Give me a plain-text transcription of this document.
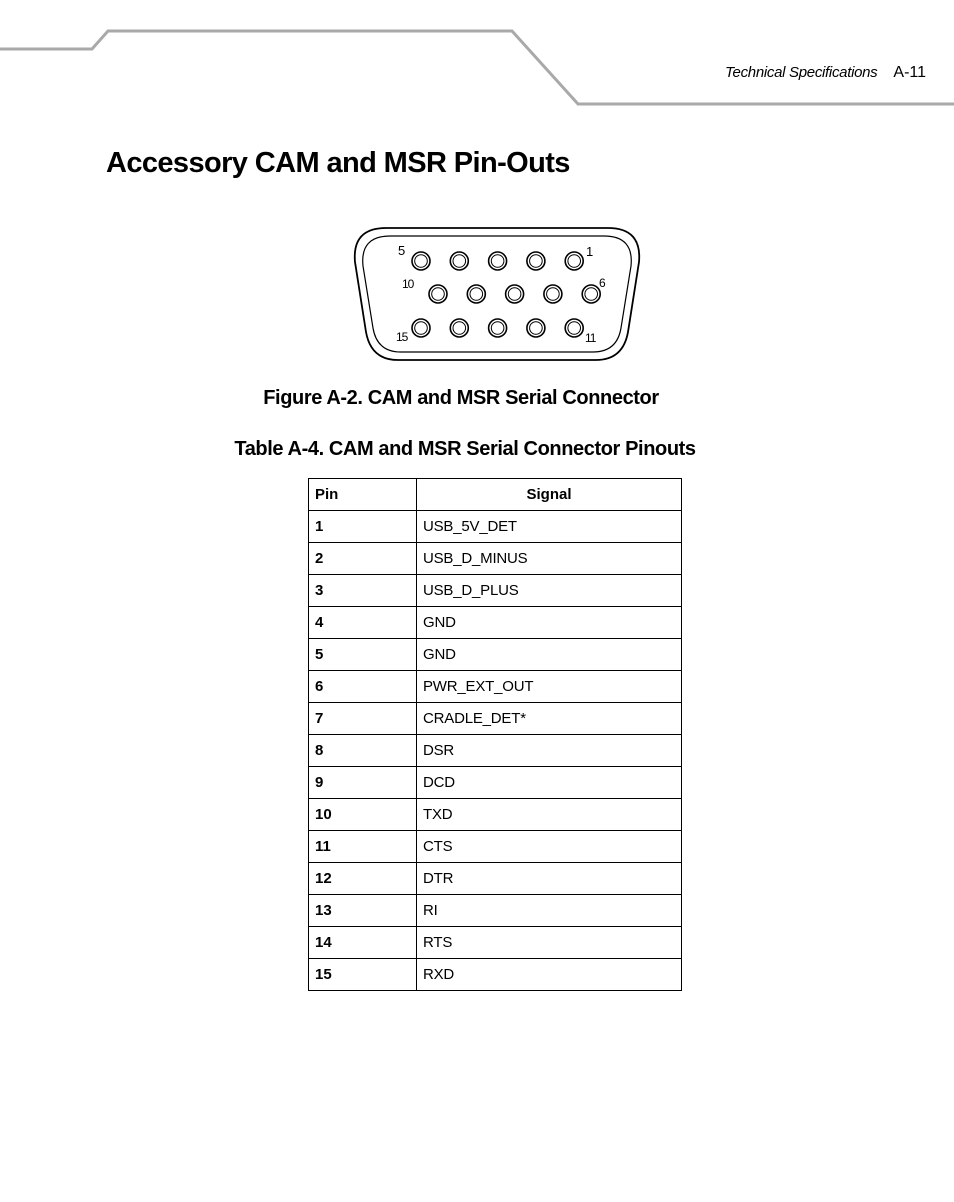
Technical Specifications A-11
Accessory CAM and MSR Pin-Outs
5	1
10	6
15	11
Figure A-2. CAM and MSR Serial Connector
Table A-4. CAM and MSR Serial Connector Pinouts
Pin	Signal
1	USB_5V_DET
2	USB_D_MINUS
3	USB_D_PLUS
4	GND
5	GND
6	PWR_EXT_OUT
7	CRADLE_DET*
8	DSR
9	DCD
10	TXD
11	CTS
12	DTR
13	RI
14	RTS
15	RXD
